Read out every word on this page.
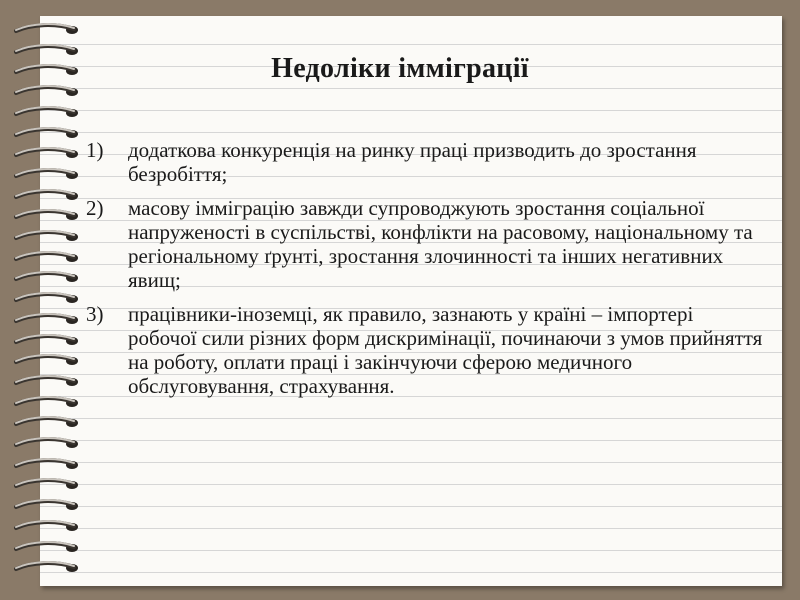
Недоліки імміграції
1) додаткова конкуренція на ринку праці призводить до зростання безробіття;
2) масову імміграцію завжди супроводжують зростання соціальної напруженості в суспільстві, конфлікти на расовому, національному та регіональному ґрунті, зростання злочинності та інших негативних явищ;
3) працівники-іноземці, як правило, зазнають у країні – імпортері робочої сили різних форм дискримінації, починаючи з умов прийняття на роботу, оплати праці і закінчуючи сферою медичного обслуговування, страхування.
